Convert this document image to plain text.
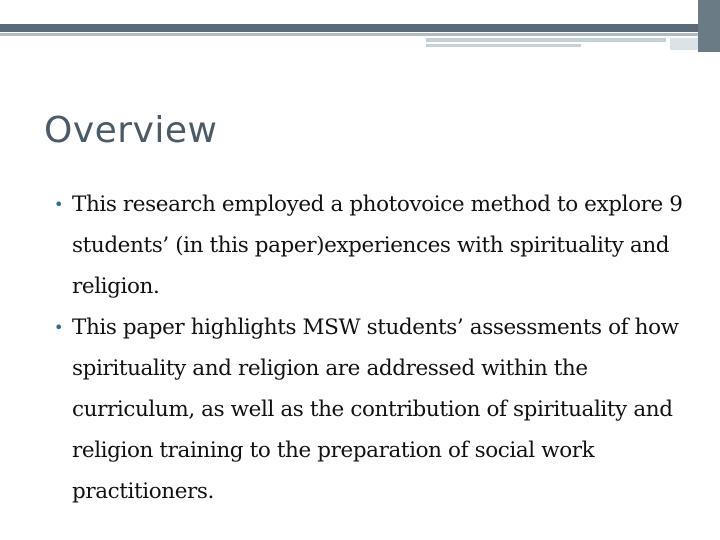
Overview
• This research employed a photovoice method to explore 9 students’ (in this paper)experiences with spirituality and religion.
• This paper highlights MSW students’ assessments of how spirituality and religion are addressed within the curriculum, as well as the contribution of spirituality and religion training to the preparation of social work practitioners.
